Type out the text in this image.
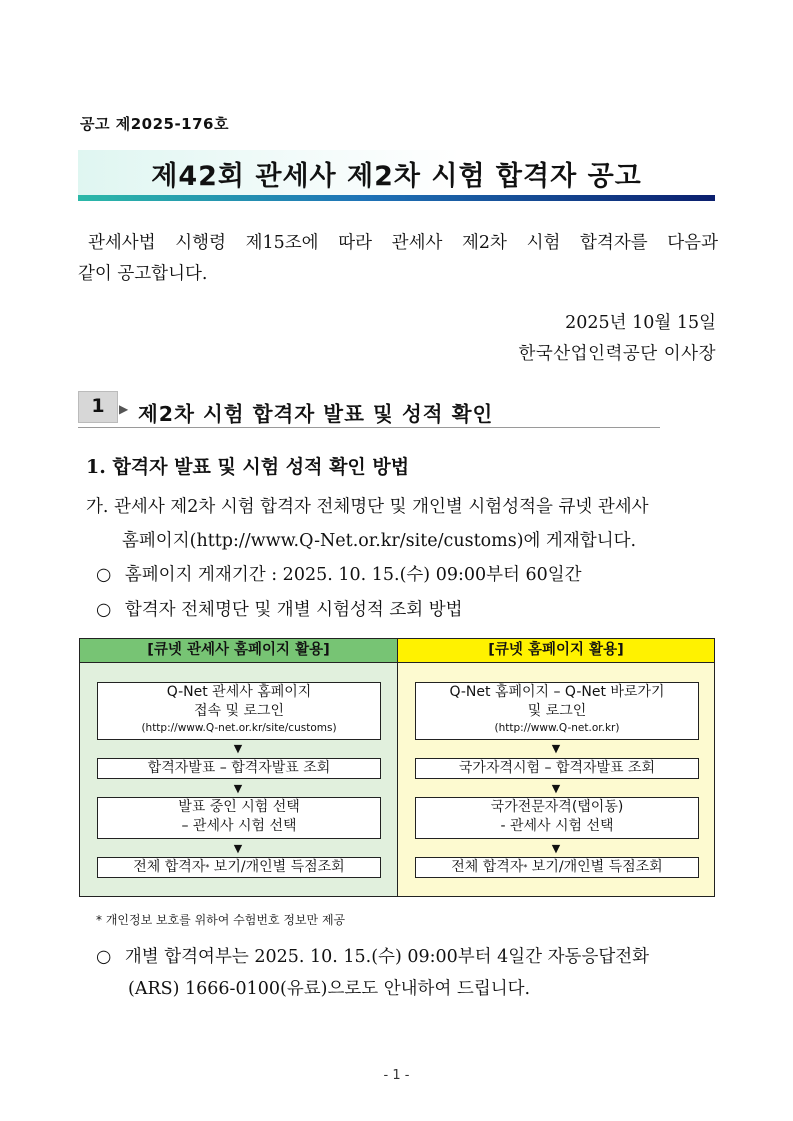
공고 제2025-176호
제42회 관세사 제2차 시험 합격자 공고
관세사법 시행령 제15조에 따라 관세사 제2차 시험 합격자를 다음과
같이 공고합니다.
2025년 10월 15일
한국산업인력공단 이사장
1	▶ 제2차 시험 합격자 발표 및 성적 확인
1. 합격자 발표 및 시험 성적 확인 방법
가. 관세사 제2차 시험 합격자 전체명단 및 개인별 시험성적을 큐넷 관세사
홈페이지(http://www.Q-Net.or.kr/site/customs)에 게재합니다.
○ 홈페이지 게재기간 : 2025. 10. 15.(수) 09:00부터 60일간
○ 합격자 전체명단 및 개별 시험성적 조회 방법
[큐넷 관세사 홈페이지 활용]
Q-Net 관세사 홈페이지
접속 및 로그인
(http://www.Q-net.or.kr/site/customs)
▼
합격자발표 – 합격자발표 조회
▼
발표 중인 시험 선택
– 관세사 시험 선택
▼
전체 합격자* 보기/개인별 득점조회
[큐넷 홈페이지 활용]
Q-Net 홈페이지 – Q-Net 바로가기
및 로그인
(http://www.Q-net.or.kr)
▼
국가자격시험 – 합격자발표 조회
▼
국가전문자격(탭이동)
- 관세사 시험 선택
▼
전체 합격자* 보기/개인별 득점조회
* 개인정보 보호를 위하여 수험번호 정보만 제공
○ 개별 합격여부는 2025. 10. 15.(수) 09:00부터 4일간 자동응답전화
(ARS) 1666-0100(유료)으로도 안내하여 드립니다.
- 1 -
